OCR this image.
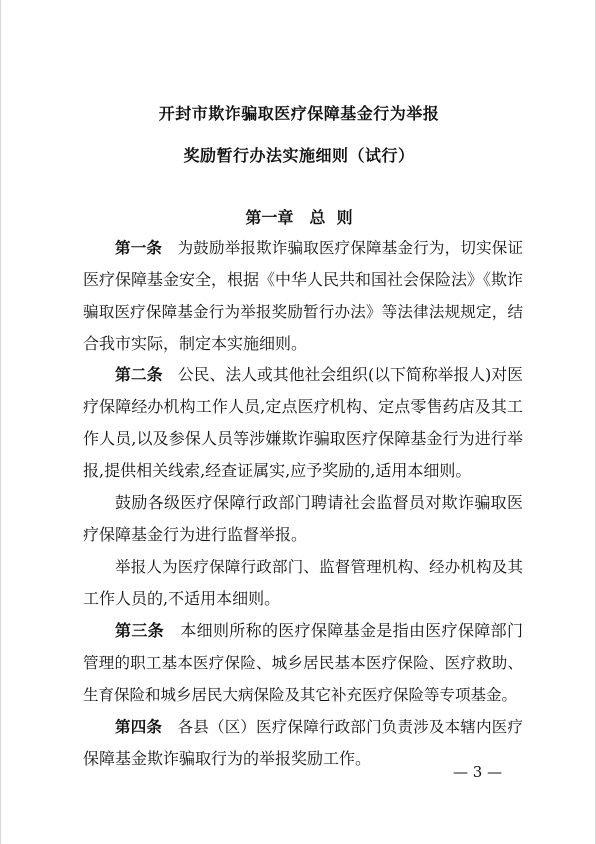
开封市欺诈骗取医疗保障基金行为举报
奖励暂行办法实施细则（试行）
第一章 总  则
第一条 为鼓励举报欺诈骗取医疗保障基金行为，切实保证
医疗保障基金安全，根据《中华人民共和国社会保险法》《欺诈
骗取医疗保障基金行为举报奖励暂行办法》等法律法规规定，结
合我市实际，制定本实施细则。
第二条 公民、法人或其他社会组织(以下简称举报人)对医
疗保障经办机构工作人员,定点医疗机构、定点零售药店及其工
作人员,以及参保人员等涉嫌欺诈骗取医疗保障基金行为进行举
报,提供相关线索,经查证属实,应予奖励的,适用本细则。
鼓励各级医疗保障行政部门聘请社会监督员对欺诈骗取医
疗保障基金行为进行监督举报。
举报人为医疗保障行政部门、监督管理机构、经办机构及其
工作人员的,不适用本细则。
第三条 本细则所称的医疗保障基金是指由医疗保障部门
管理的职工基本医疗保险、城乡居民基本医疗保险、医疗救助、
生育保险和城乡居民大病保险及其它补充医疗保险等专项基金。
第四条 各县（区）医疗保障行政部门负责涉及本辖内医疗
保障基金欺诈骗取行为的举报奖励工作。
— 3 —
